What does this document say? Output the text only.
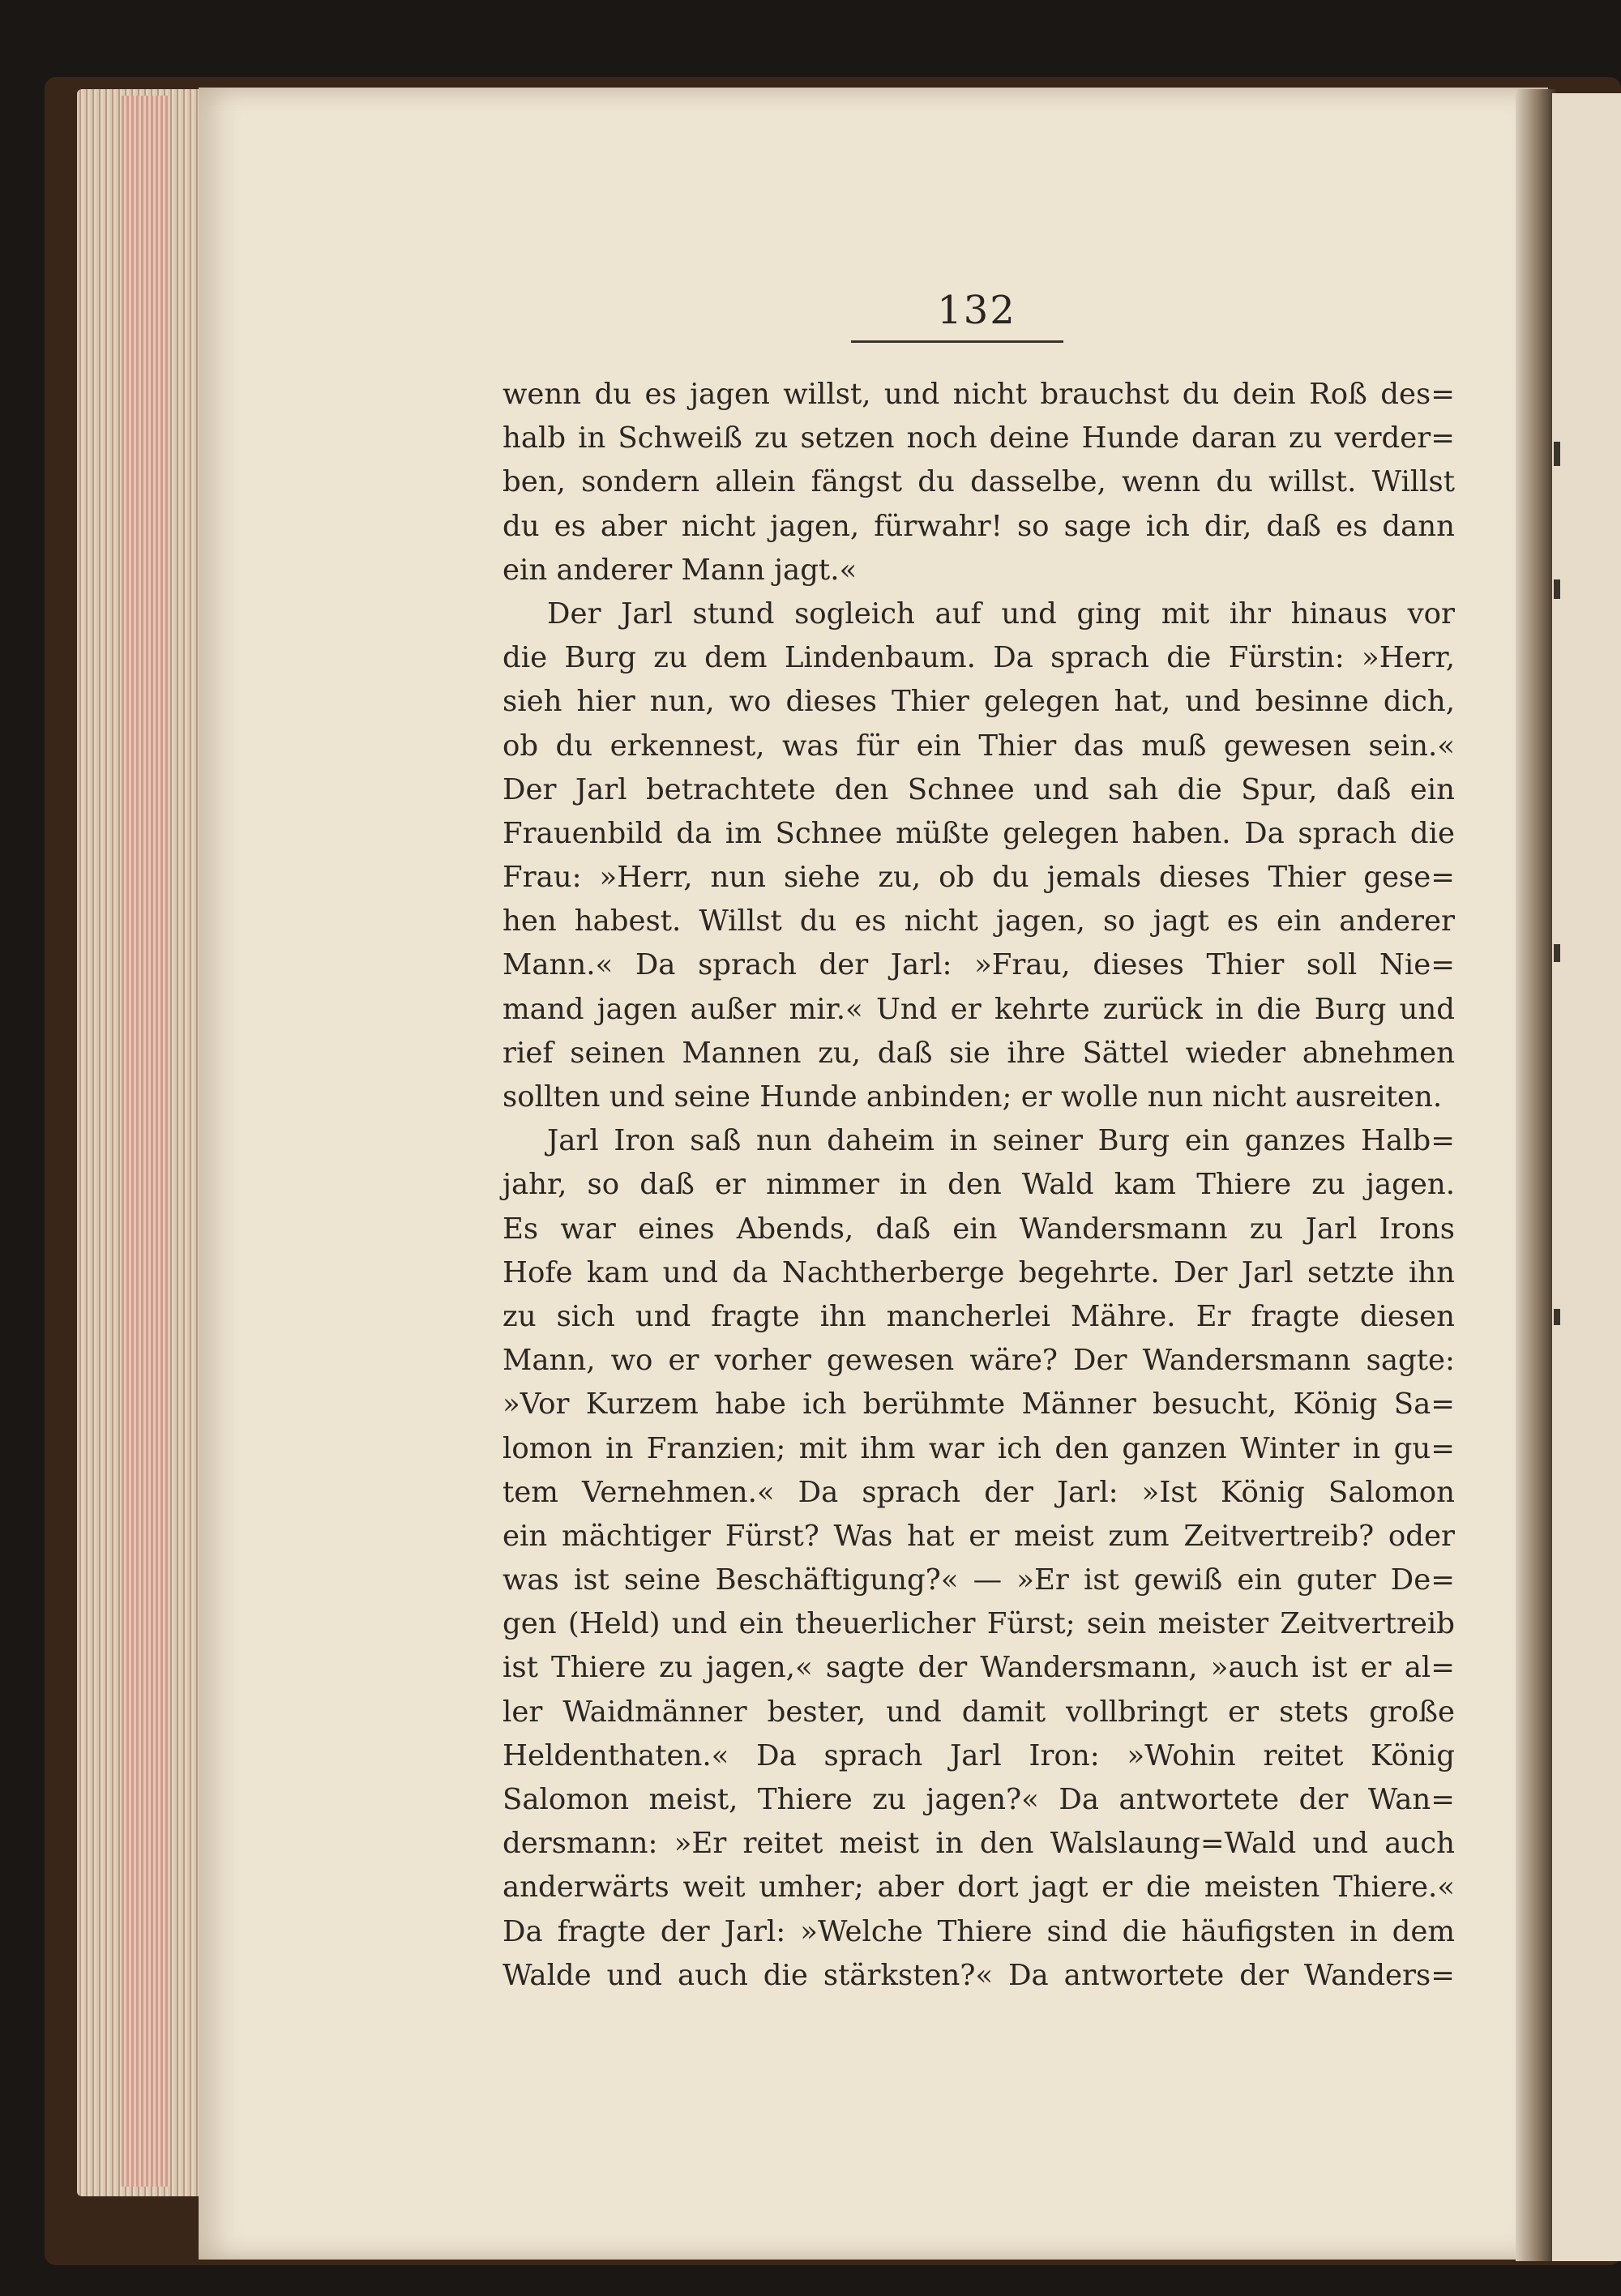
132
wenn du es jagen willst, und nicht brauchst du dein Roß des=
halb in Schweiß zu setzen noch deine Hunde daran zu verder=
ben, sondern allein fängst du dasselbe, wenn du willst. Willst
du es aber nicht jagen, fürwahr! so sage ich dir, daß es dann
ein anderer Mann jagt.«
Der Jarl stund sogleich auf und ging mit ihr hinaus vor
die Burg zu dem Lindenbaum. Da sprach die Fürstin: »Herr,
sieh hier nun, wo dieses Thier gelegen hat, und besinne dich,
ob du erkennest, was für ein Thier das muß gewesen sein.«
Der Jarl betrachtete den Schnee und sah die Spur, daß ein
Frauenbild da im Schnee müßte gelegen haben. Da sprach die
Frau: »Herr, nun siehe zu, ob du jemals dieses Thier gese=
hen habest. Willst du es nicht jagen, so jagt es ein anderer
Mann.« Da sprach der Jarl: »Frau, dieses Thier soll Nie=
mand jagen außer mir.« Und er kehrte zurück in die Burg und
rief seinen Mannen zu, daß sie ihre Sättel wieder abnehmen
sollten und seine Hunde anbinden; er wolle nun nicht ausreiten.
Jarl Iron saß nun daheim in seiner Burg ein ganzes Halb=
jahr, so daß er nimmer in den Wald kam Thiere zu jagen.
Es war eines Abends, daß ein Wandersmann zu Jarl Irons
Hofe kam und da Nachtherberge begehrte. Der Jarl setzte ihn
zu sich und fragte ihn mancherlei Mähre. Er fragte diesen
Mann, wo er vorher gewesen wäre? Der Wandersmann sagte:
»Vor Kurzem habe ich berühmte Männer besucht, König Sa=
lomon in Franzien; mit ihm war ich den ganzen Winter in gu=
tem Vernehmen.« Da sprach der Jarl: »Ist König Salomon
ein mächtiger Fürst? Was hat er meist zum Zeitvertreib? oder
was ist seine Beschäftigung?« — »Er ist gewiß ein guter De=
gen (Held) und ein theuerlicher Fürst; sein meister Zeitvertreib
ist Thiere zu jagen,« sagte der Wandersmann, »auch ist er al=
ler Waidmänner bester, und damit vollbringt er stets große
Heldenthaten.« Da sprach Jarl Iron: »Wohin reitet König
Salomon meist, Thiere zu jagen?« Da antwortete der Wan=
dersmann: »Er reitet meist in den Walslaung=Wald und auch
anderwärts weit umher; aber dort jagt er die meisten Thiere.«
Da fragte der Jarl: »Welche Thiere sind die häufigsten in dem
Walde und auch die stärksten?« Da antwortete der Wanders=
